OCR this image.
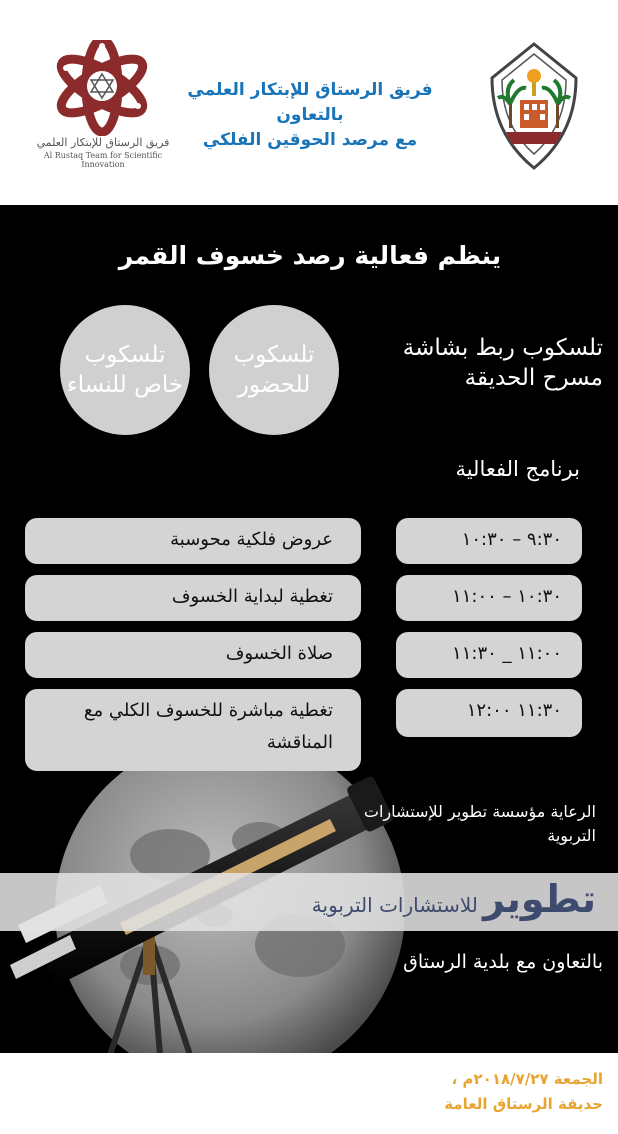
فريق الرستاق للإبتكار العلمي
Al Rustaq Team for Scientific Innovation
فريق الرستاق للإبتكار العلمي
بالتعاون
مع مرصد الحوقين الفلكي
ينظم فعالية رصد خسوف القمر
تلسكوب خاص للنساء
تلسكوب للحضور
تلسكوب ربط بشاشة مسرح الحديقة
برنامج الفعالية
٩:٣٠ – ١٠:٣٠
عروض فلكية محوسبة
١٠:٣٠ – ١١:٠٠
تغطية لبداية الخسوف
١١:٠٠ _ ١١:٣٠
صلاة الخسوف
تغطية مباشرة للخسوف الكلي مع المناقشة
١١:٣٠ ١٢:٠٠
الرعاية مؤسسة تطوير للإستشارات التربوية
تطوير للاستشارات التربوية
بالتعاون مع بلدية الرستاق
الجمعة ٢٠١٨/٧/٢٧م ،
حديقة الرستاق العامة
